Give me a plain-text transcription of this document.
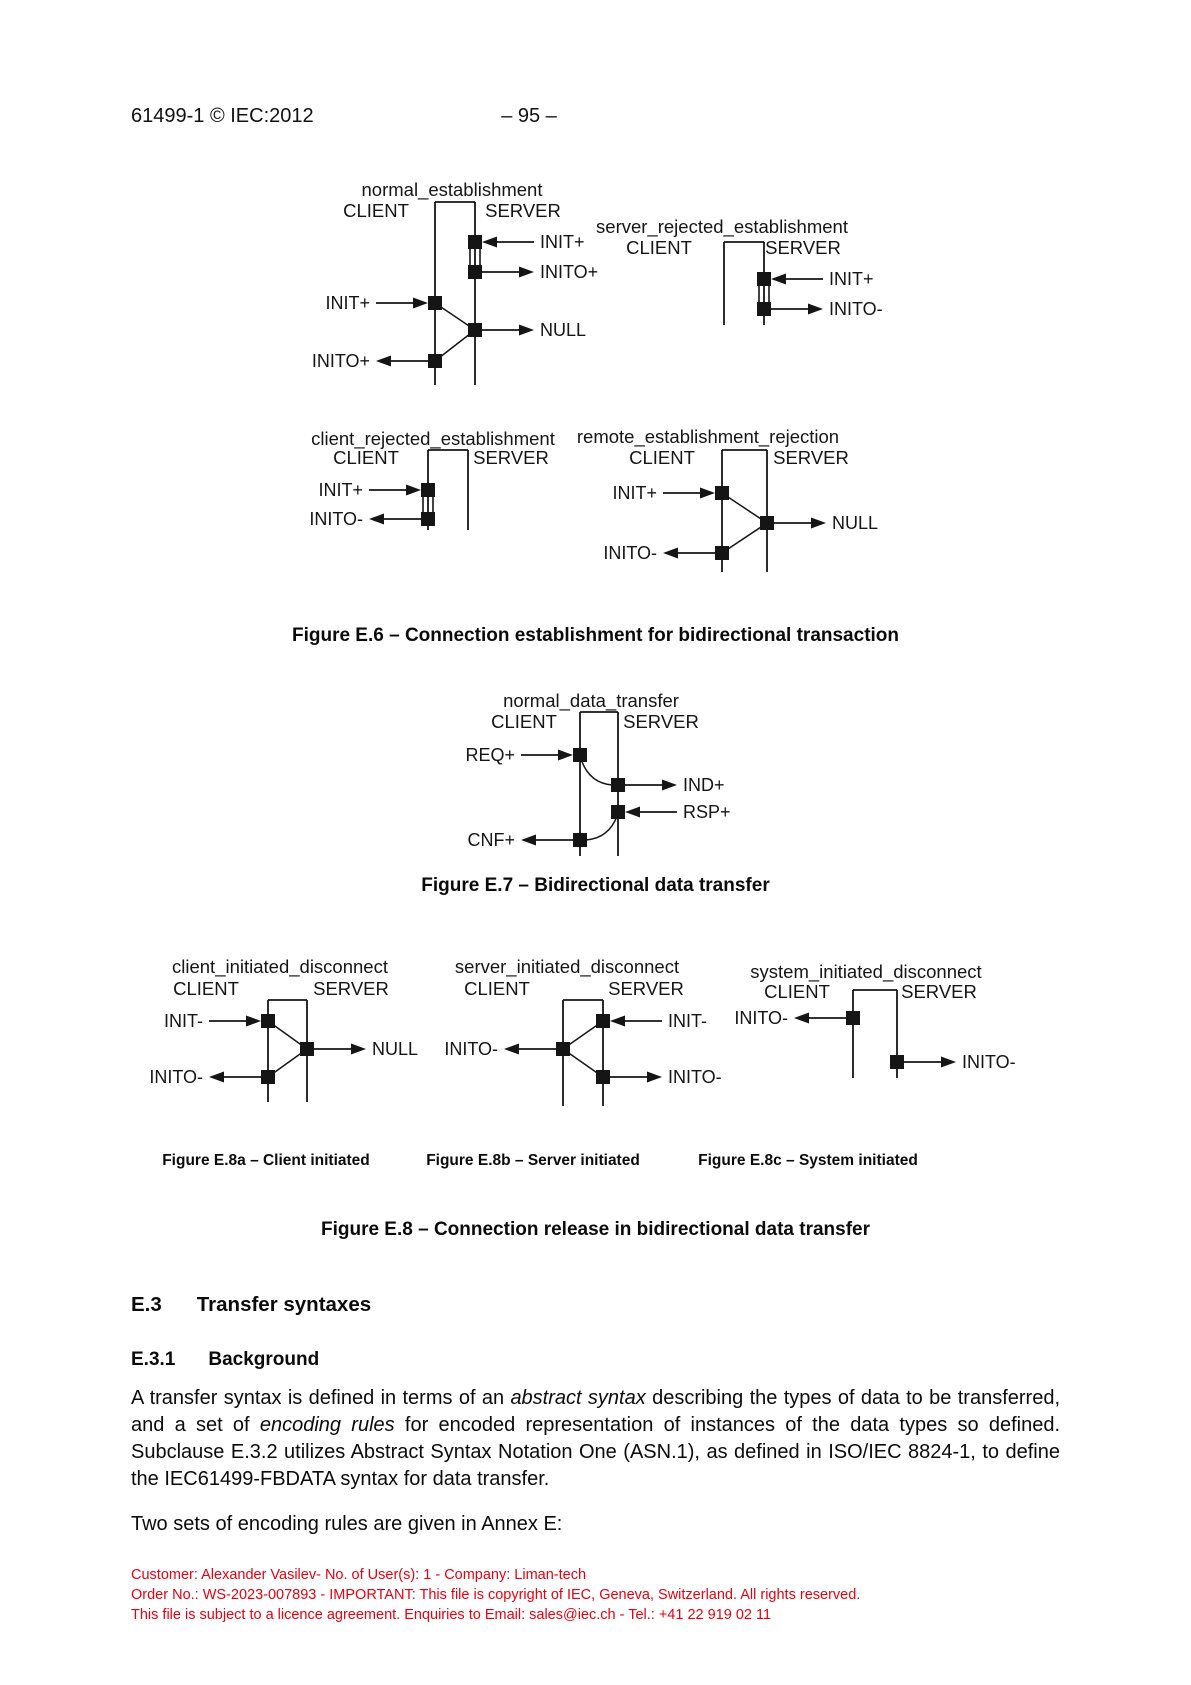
61499-1 © IEC:2012	– 95 –
normal_establishment
CLIENT	SERVER
INIT+
INITO+
INIT+
NULL
INITO+
server_rejected_establishment
CLIENT	SERVER
INIT+
INITO-
client_rejected_establishment
CLIENT	SERVER
INIT+
INITO-
remote_establishment_rejection
CLIENT	SERVER
INIT+
NULL
INITO-
normal_data_transfer
CLIENT	SERVER
REQ+
IND+
RSP+
CNF+
client_initiated_disconnect
CLIENT	SERVER
INIT-
NULL
INITO-
server_initiated_disconnect
CLIENT	SERVER
INIT-
INITO-
INITO-
system_initiated_disconnect
CLIENT	SERVER
INITO-
INITO-
Figure E.6 – Connection establishment for bidirectional transaction
Figure E.7 – Bidirectional data transfer
Figure E.8a – Client initiated	Figure E.8b – Server initiated	Figure E.8c – System initiated
Figure E.8 – Connection release in bidirectional data transfer
E.3 Transfer syntaxes
E.3.1 Background
A transfer syntax is defined in terms of an abstract syntax describing the types of data to be transferred, and a set of encoding rules for encoded representation of instances of the data types so defined. Subclause E.3.2 utilizes Abstract Syntax Notation One (ASN.1), as defined in ISO/IEC 8824-1, to define the IEC61499-FBDATA syntax for data transfer.
Two sets of encoding rules are given in Annex E:
Customer: Alexander Vasilev- No. of User(s): 1 - Company: Liman-tech
Order No.: WS-2023-007893 - IMPORTANT: This file is copyright of IEC, Geneva, Switzerland. All rights reserved.
This file is subject to a licence agreement. Enquiries to Email: sales@iec.ch - Tel.: +41 22 919 02 11
